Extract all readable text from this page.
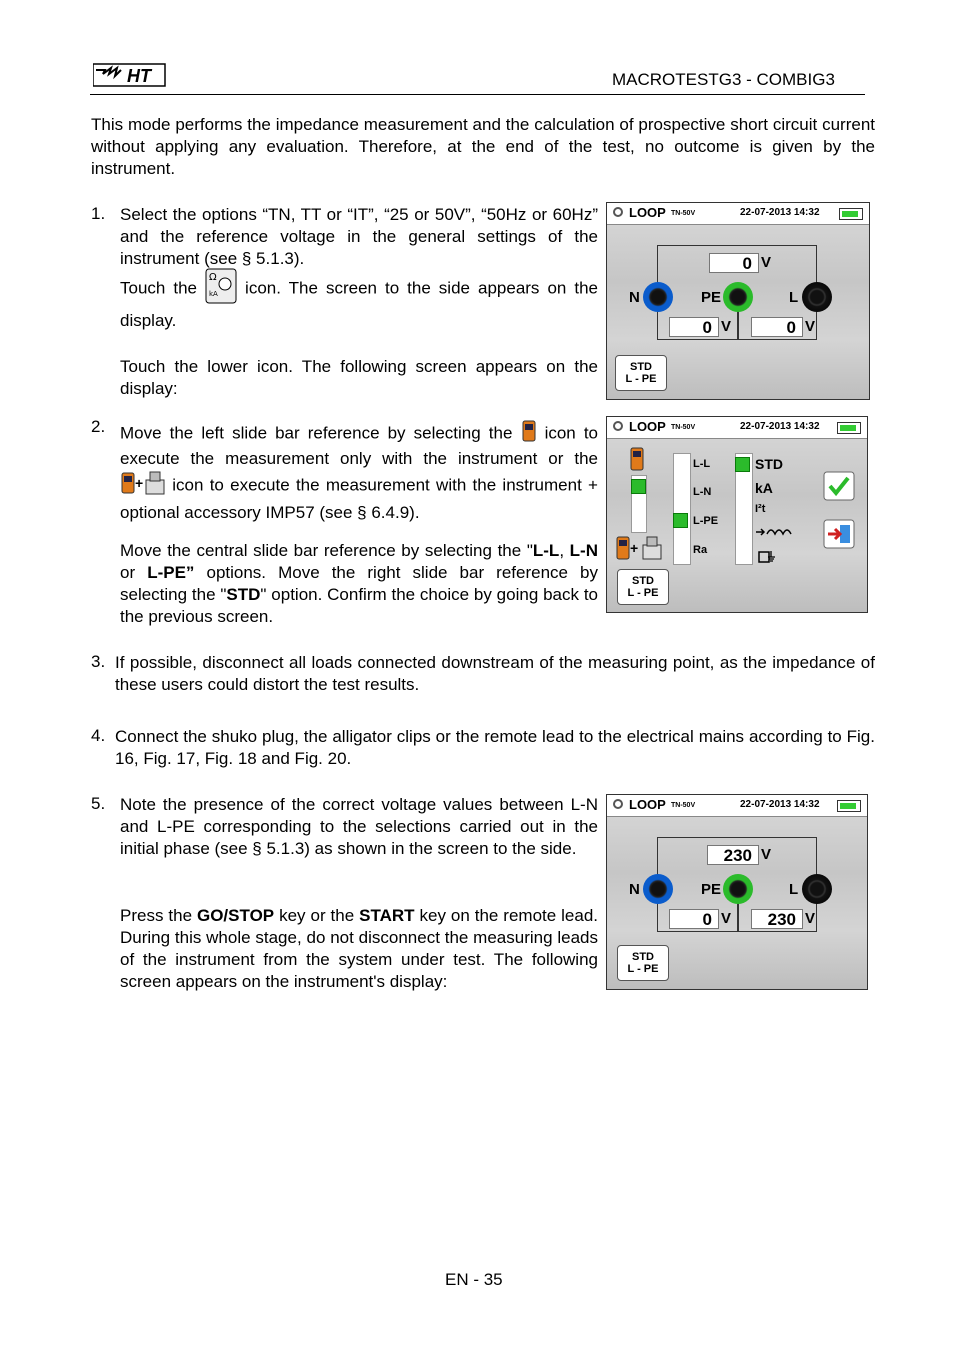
HT	MACROTESTG3 - COMBIG3
This mode performs the impedance measurement and the calculation of prospective short circuit current without applying any evaluation. Therefore, at the end of the test, no outcome is given by the instrument.
1. Select the options “TN, TT or “IT”, “25 or 50V”, “50Hz or 60Hz” and the reference voltage in the general settings of the instrument (see § 5.1.3).
Touch the
Ω
kA icon. The screen to the side appears on the display.
Touch the lower icon. The following screen appears on the display:
LOOP TN-50V	22-07-2013 14:32
0 V
N	PE	L
0 V	0 V
STD
L - PE
2. Move the left slide bar reference by selecting the icon to execute the measurement only with the instrument or the
+ icon to execute the measurement with the instrument + optional accessory IMP57 (see § 6.4.9).
Move the central slide bar reference by selecting the "L-L, L-N or L-PE” options. Move the right slide bar reference by selecting the "STD" option. Confirm the choice by going back to the previous screen.
LOOP TN-50V	22-07-2013 14:32
+
STD
L - PE
L-L
L-N
L-PE
Ra
STD
kA
I²t
3. If possible, disconnect all loads connected downstream of the measuring point, as the impedance of these users could distort the test results.
4. Connect the shuko plug, the alligator clips or the remote lead to the electrical mains according to Fig. 16, Fig. 17, Fig. 18 and Fig. 20.
5. Note the presence of the correct voltage values between L-N and L-PE corresponding to the selections carried out in the initial phase (see § 5.1.3) as shown in the screen to the side.
Press the GO/STOP key or the START key on the remote lead. During this whole stage, do not disconnect the measuring leads of the instrument from the system under test. The following screen appears on the instrument's display:
LOOP TN-50V	22-07-2013 14:32
230 V
N	PE	L
0 V	230 V
STD
L - PE
EN - 35
